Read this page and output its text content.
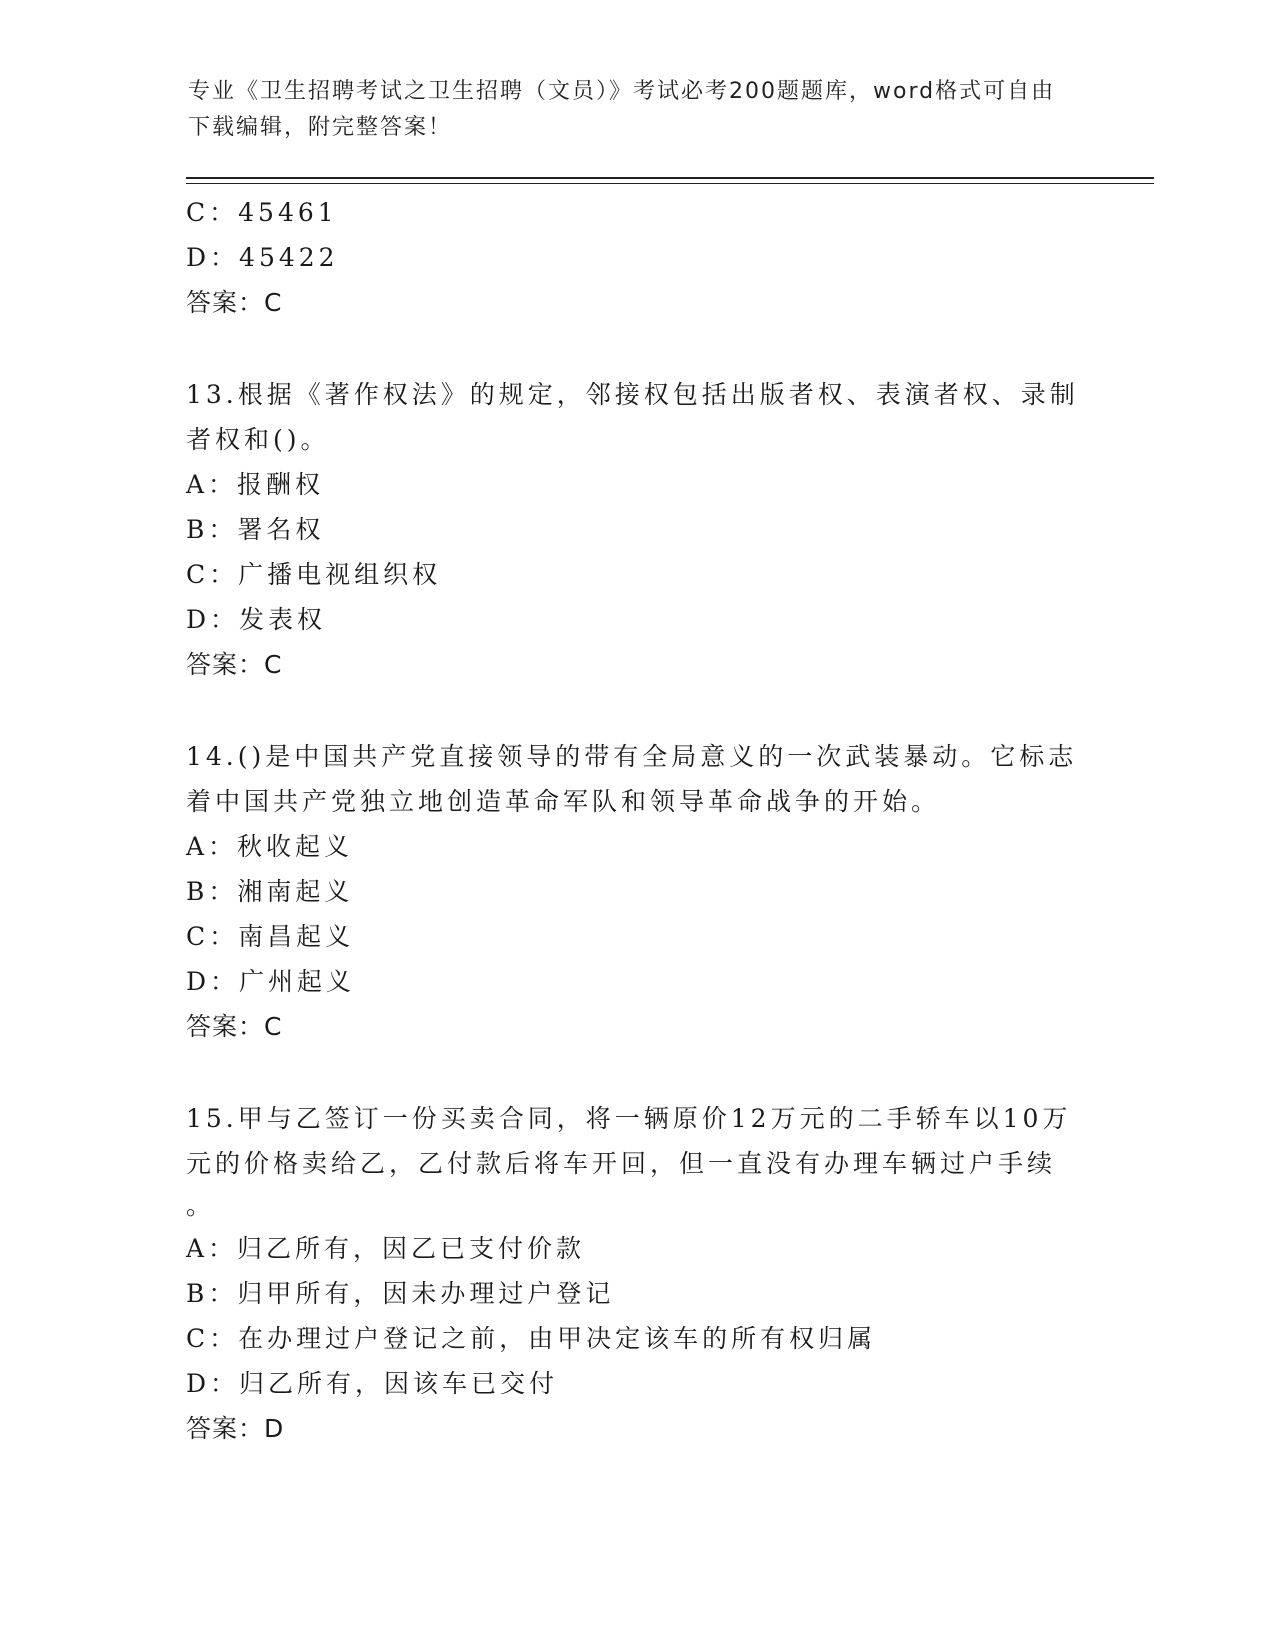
专业《卫生招聘考试之卫生招聘（文员）》考试必考200题题库，word格式可自由下载编辑，附完整答案！
C：45461
D：45422
答案：C
13.根据《著作权法》的规定，邻接权包括出版者权、表演者权、录制
者权和()。
A：报酬权
B：署名权
C：广播电视组织权
D：发表权
答案：C
14.()是中国共产党直接领导的带有全局意义的一次武装暴动。它标志
着中国共产党独立地创造革命军队和领导革命战争的开始。
A：秋收起义
B：湘南起义
C：南昌起义
D：广州起义
答案：C
15.甲与乙签订一份买卖合同，将一辆原价12万元的二手轿车以10万
元的价格卖给乙，乙付款后将车开回，但一直没有办理车辆过户手续
。
A：归乙所有，因乙已支付价款
B：归甲所有，因未办理过户登记
C：在办理过户登记之前，由甲决定该车的所有权归属
D：归乙所有，因该车已交付
答案：D
